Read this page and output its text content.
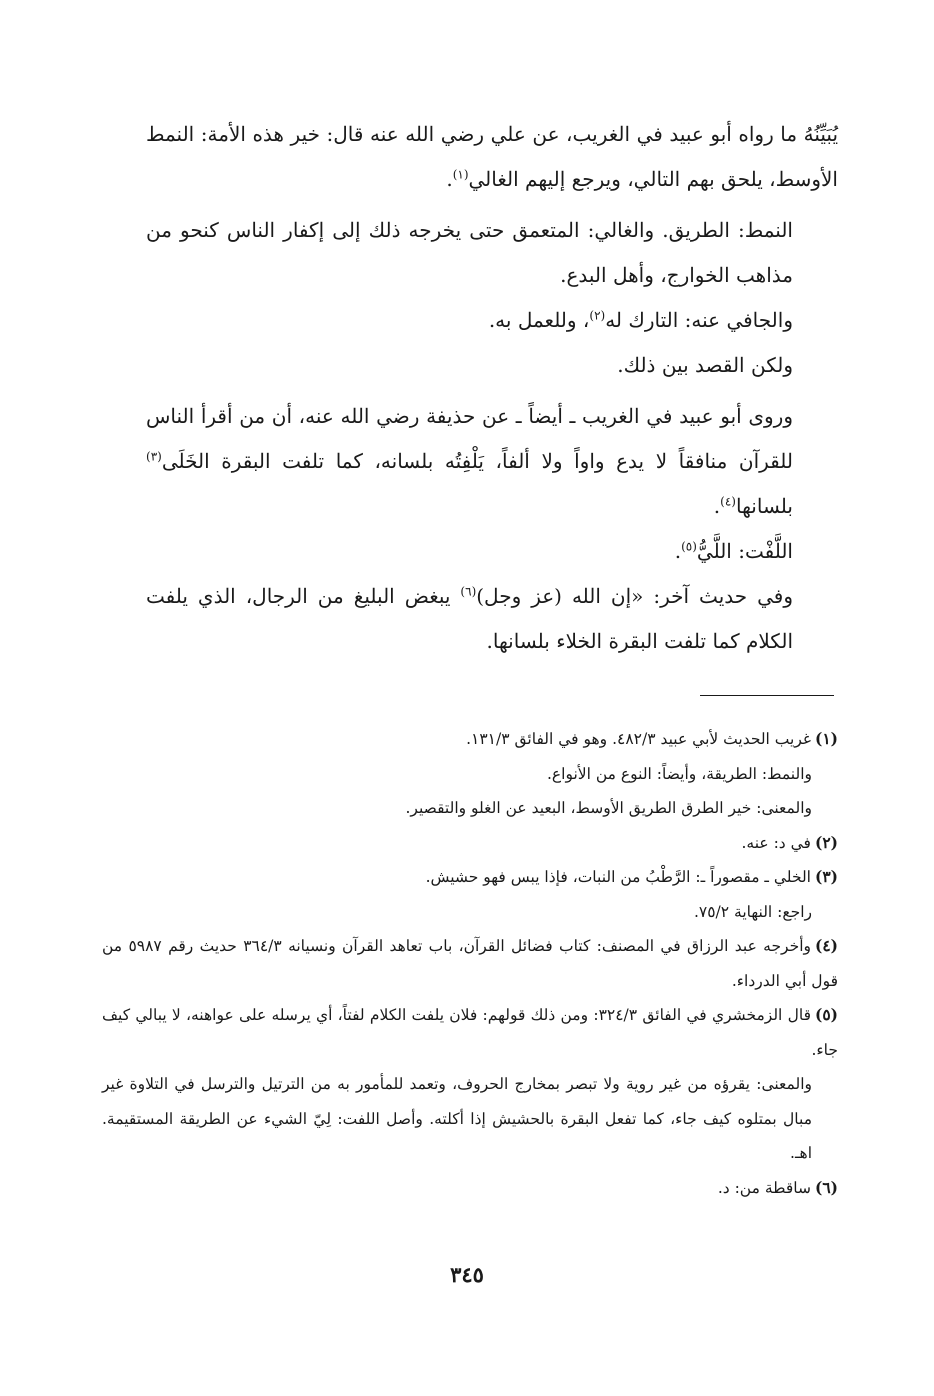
يُبَيِّنُهُ ما رواه أبو عبيد في الغريب، عن علي رضي الله عنه قال: خير هذه الأمة: النمط الأوسط، يلحق بهم التالي، ويرجع إليهم الغالي$^{(١)}$.

النمط: الطريق. والغالي: المتعمق حتى يخرجه ذلك إلى إكفار الناس كنحو من مذاهب الخوارج، وأهل البدع.

والجافي عنه: التارك له$^{(٢)}$، وللعمل به.

ولكن القصد بين ذلك.

وروى أبو عبيد في الغريب ـ أيضاً ـ عن حذيفة رضي الله عنه، أن من أقرأ الناس للقرآن منافقاً لا يدع واواً ولا ألفاً، يَلْفِتُه بلسانه، كما تلفت البقرة الخَلَى$^{(٣)}$ بلسانها$^{(٤)}$.

اللَّفْت: اللَّيُّ$^{(٥)}$.

وفي حديث آخر: «إن الله (عز وجل)$^{(٦)}$ يبغض البليغ من الرجال، الذي يلفت الكلام كما تلفت البقرة الخلاء بلسانها.

(١)غريب الحديث لأبي عبيد ٤٨٢/٣. وهو في الفائق ١٣١/٣.

والنمط: الطريقة، وأيضاً: النوع من الأنواع.

والمعنى: خير الطرق الطريق الأوسط، البعيد عن الغلو والتقصير.

(٢)في د: عنه.

(٣)الخلي ـ مقصوراً ـ: الرَّطْبُ من النبات، فإذا يبس فهو حشيش.

راجع: النهاية ٧٥/٢.

(٤)وأخرجه عبد الرزاق في المصنف: كتاب فضائل القرآن، باب تعاهد القرآن ونسيانه ٣٦٤/٣ حديث رقم ٥٩٨٧ من قول أبي الدرداء.

(٥)قال الزمخشري في الفائق ٣٢٤/٣: ومن ذلك قولهم: فلان يلفت الكلام لفتاً، أي يرسله على عواهنه، لا يبالي كيف جاء.

والمعنى: يقرؤه من غير روية ولا تبصر بمخارج الحروف، وتعمد للمأمور به من الترتيل والترسل في التلاوة غير مبال بمتلوه كيف جاء، كما تفعل البقرة بالحشيش إذا أكلته. وأصل اللفت: لِيّ الشيء عن الطريقة المستقيمة. اهـ.

(٦)ساقطة من: د.

٣٤٥
